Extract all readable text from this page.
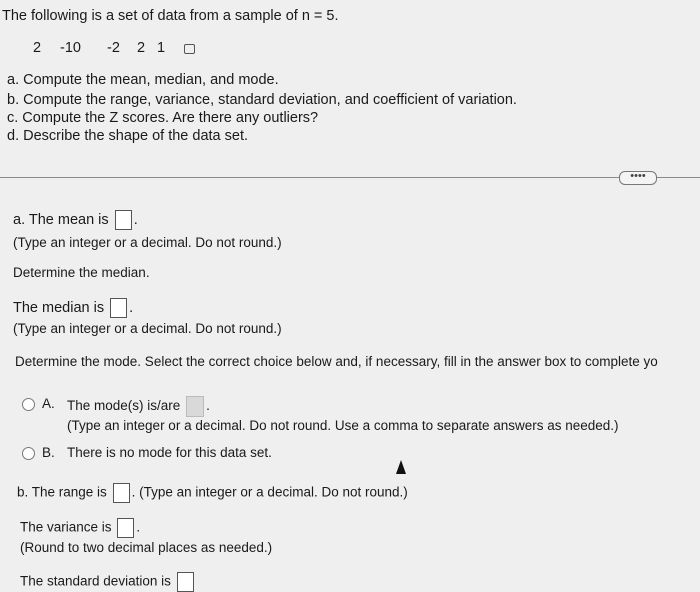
The following is a set of data from a sample of n = 5.
2 -10 -2 2 1
a. Compute the mean, median, and mode.
b. Compute the range, variance, standard deviation, and coefficient of variation.
c. Compute the Z scores. Are there any outliers?
d. Describe the shape of the data set.
••••
a. The mean is .
(Type an integer or a decimal. Do not round.)
Determine the median.
The median is .
(Type an integer or a decimal. Do not round.)
Determine the mode. Select the correct choice below and, if necessary, fill in the answer box to complete yo
A. The mode(s) is/are .
(Type an integer or a decimal. Do not round. Use a comma to separate answers as needed.)
B. There is no mode for this data set.
b. The range is . (Type an integer or a decimal. Do not round.)
The variance is .
(Round to two decimal places as needed.)
The standard deviation is
